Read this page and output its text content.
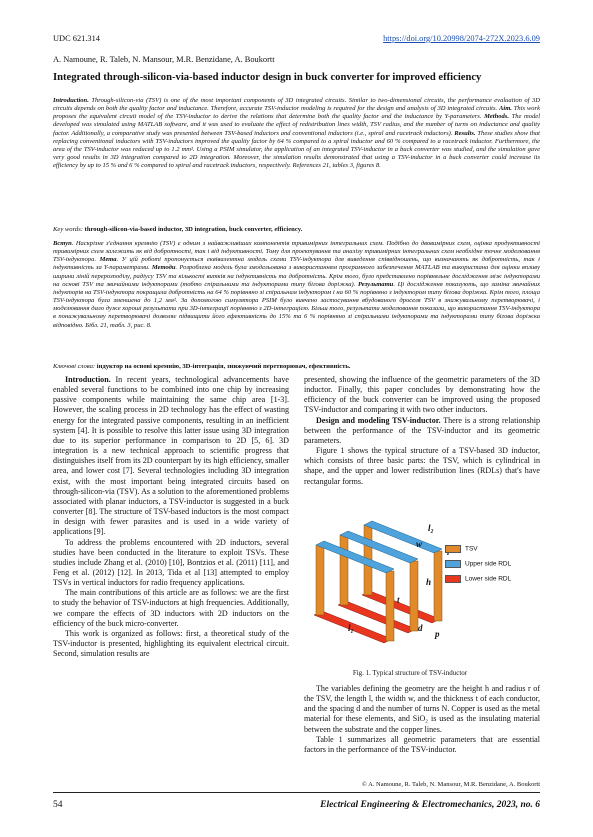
UDC 621.314	https://doi.org/10.20998/2074-272X.2023.6.09
A. Namoune, R. Taleb, N. Mansour, M.R. Benzidane, A. Boukortt
Integrated through-silicon-via-based inductor design in buck converter for improved efficiency
Introduction. Through-silicon-via (TSV) is one of the most important components of 3D integrated circuits. Similar to two-dimensional circuits, the performance evaluation of 3D circuits depends on both the quality factor and inductance. Therefore, accurate TSV-inductor modeling is required for the design and analysis of 3D integrated circuits. Aim. This work proposes the equivalent circuit model of the TSV-inductor to derive the relations that determine both the quality factor and the inductance by Y-parameters. Methods. The model developed was simulated using MATLAB software, and it was used to evaluate the effect of redistribution lines width, TSV radius, and the number of turns on inductance and quality factor. Additionally, a comparative study was presented between TSV-based inductors and conventional inductors (i.e., spiral and racetrack inductors). Results. These studies show that replacing conventional inductors with TSV-inductors improved the quality factor by 64 % compared to a spiral inductor and 60 % compared to a racetrack inductor. Furthermore, the area of the TSV-inductor was reduced up to 1.2 mm². Using a PSIM simulator, the application of an integrated TSV-inductor in a buck converter was studied, and the simulation gave very good results in 3D integration compared to 2D integration. Moreover, the simulation results demonstrated that using a TSV-inductor in a buck converter could increase its efficiency by up to 15 % and 6 % compared to spiral and racetrack inductors, respectively. References 21, tables 3, figures 8.
Key words: through-silicon-via-based inductor, 3D integration, buck converter, efficiency.
Вступ. Наскрізне з'єднання кремнію (TSV) є одним з найважливіших компонентів тривимірних інтегральних схем. Подібно до двовимірних схем, оцінка продуктивності тривимірних схем залежить як від добротності, так і від індуктивності. Тому для проектування та аналізу тривимірних інтегральних схем необхідне точне моделювання TSV-індуктора. Мета. У цій роботі пропонується еквівалентна модель схеми TSV-індуктора для виведення співвідношень, що визначають як добротність, так і індуктивність за Y-параметрами. Методи. Розроблена модель була змодельована з використанням програмного забезпечення MATLAB та використана для оцінки впливу ширини ліній перерозподілу, радіусу TSV та кількості витків на індуктивність та добротність. Крім того, було представлено порівняльне дослідження між індукторами на основі TSV та звичайними індукторами (тобто спіральними та індукторами типу бігова доріжка). Результати. Ці дослідження показують, що заміна звичайних індукторів на TSV-індуктори покращила добротність на 64 % порівняно зі спіральним індуктором і на 60 % порівняно з індуктором типу бігова доріжка. Крім того, площа TSV-індуктора була зменшена до 1,2 мм². За допомогою симулятора PSIM було вивчено застосування вбудованого дроселя TSV в знижувальному перетворювачі, і моделювання дало дуже хороші результати при 3D-інтеграції порівняно з 2D-інтеграцією. Більш того, результати моделювання показали, що використання TSV-індуктора в понижувальному перетворювачі дозволяє підвищити його ефективність до 15% та 6 % порівняно зі спіральними індукторами та індукторами типу бігова доріжка відповідно. Бібл. 21, табл. 3, рис. 8.
Ключові слова: індуктор на основі кремнію, 3D-інтеграція, знижуючий перетворювач, ефективність.

Introduction. In recent years, technological advancements have enabled several functions to be combined into one chip by increasing passive components while maintaining the same chip area [1-3]. However, the scaling process in 2D technology has the effect of wasting energy for the integrated passive components, resulting in an inefficient system [4]. It is possible to resolve this latter issue using 3D integration due to its superior performance in comparison to 2D [5, 6]. 3D integration is a new technical approach to scientific progress that distinguishes itself from its 2D counterpart by its high efficiency, smaller area, and lower cost [7]. Several technologies including 3D integration exist, with the most important being integrated circuits based on through-silicon-via (TSV). As a solution to the aforementioned problems associated with planar inductors, a TSV-inductor is suggested in a buck converter [8]. The structure of TSV-based inductors is the most compact in design with fewer parasites and is used in a wide variety of applications [9].

To address the problems encountered with 2D inductors, several studies have been conducted in the literature to exploit TSVs. These studies include Zhang et al. (2010) [10], Bontzios et al. (2011) [11], and Feng et al. (2012) [12]. In 2013, Tida et al [13] attempted to employ TSVs in vertical inductors for radio frequency applications.

The main contributions of this article are as follows: we are the first to study the behavior of TSV-inductors at high frequencies. Additionally, we compare the effects of 3D inductors with 2D inductors on the efficiency of the buck micro-converter.

This work is organized as follows: first, a theoretical study of the TSV-inductor is presented, highlighting its equivalent electrical circuit. Second, simulation results are

presented, showing the influence of the geometric parameters of the 3D inductor. Finally, this paper concludes by demonstrating how the efficiency of the buck converter can be improved using the proposed TSV-inductor and comparing it with two other inductors.

Design and modeling TSV-inductor. There is a strong relationship between the performance of the TSV-inductor and its geometric parameters.

Figure 1 shows the typical structure of a TSV-based 3D inductor, which consists of three basic parts: the TSV, which is cylindrical in shape, and the upper and lower redistribution lines (RDLs) that's have rectangular forms.

The variables defining the geometry are the height h and radius r of the TSV, the length l, the width w, and the thickness t of each conductor, and the spacing d and the number of turns N. Copper is used as the metal material for these elements, and SiO₂ is used as the insulating material between the substrate and the copper lines.

Table 1 summarizes all geometric parameters that are essential factors in the performance of the TSV-inductor.

l₂
w
h
t
d
p
l₁
TSV
Upper side RDL
Lower side RDL
Fig. 1. Typical structure of TSV-inductor
© A. Namoune, R. Taleb, N. Mansour, M.R. Benzidane, A. Boukortt
54	Electrical Engineering & Electromechanics, 2023, no. 6
